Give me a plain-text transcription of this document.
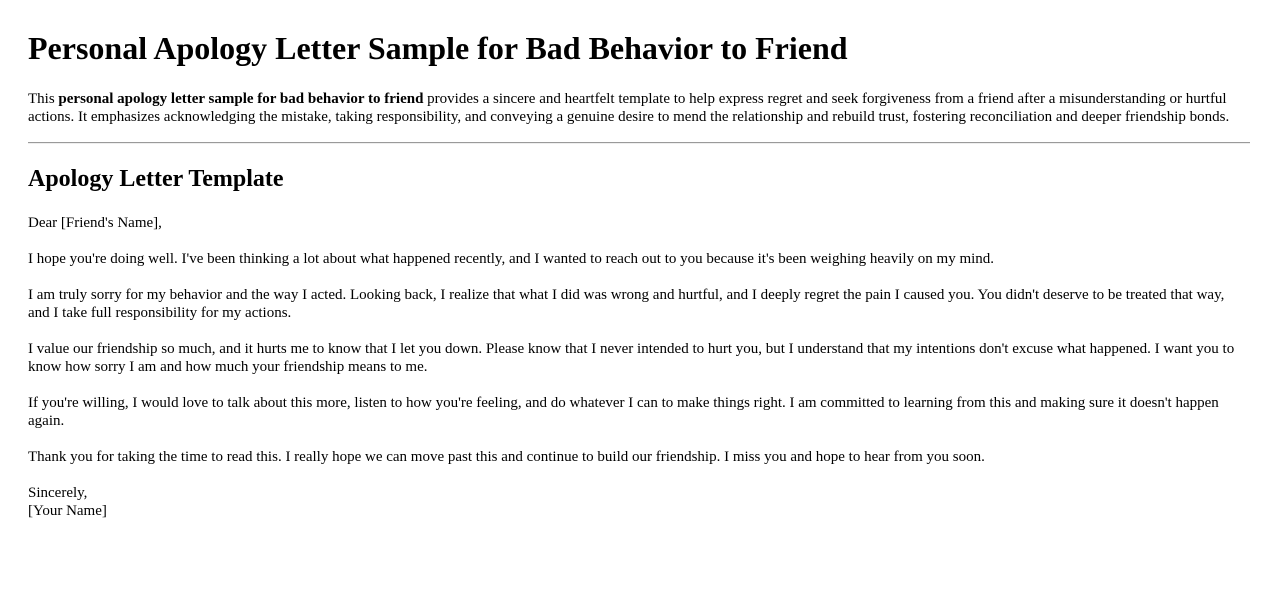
Personal Apology Letter Sample for Bad Behavior to Friend

This personal apology letter sample for bad behavior to friend provides a sincere and heartfelt template to help express regret and seek forgiveness from a friend after a misunderstanding or hurtful actions. It emphasizes acknowledging the mistake, taking responsibility, and conveying a genuine desire to mend the relationship and rebuild trust, fostering reconciliation and deeper friendship bonds.

Apology Letter Template

Dear [Friend's Name],

I hope you're doing well. I've been thinking a lot about what happened recently, and I wanted to reach out to you because it's been weighing heavily on my mind.

I am truly sorry for my behavior and the way I acted. Looking back, I realize that what I did was wrong and hurtful, and I deeply regret the pain I caused you. You didn't deserve to be treated that way, and I take full responsibility for my actions.

I value our friendship so much, and it hurts me to know that I let you down. Please know that I never intended to hurt you, but I understand that my intentions don't excuse what happened. I want you to know how sorry I am and how much your friendship means to me.

If you're willing, I would love to talk about this more, listen to how you're feeling, and do whatever I can to make things right. I am committed to learning from this and making sure it doesn't happen again.

Thank you for taking the time to read this. I really hope we can move past this and continue to build our friendship. I miss you and hope to hear from you soon.

Sincerely,
[Your Name]
